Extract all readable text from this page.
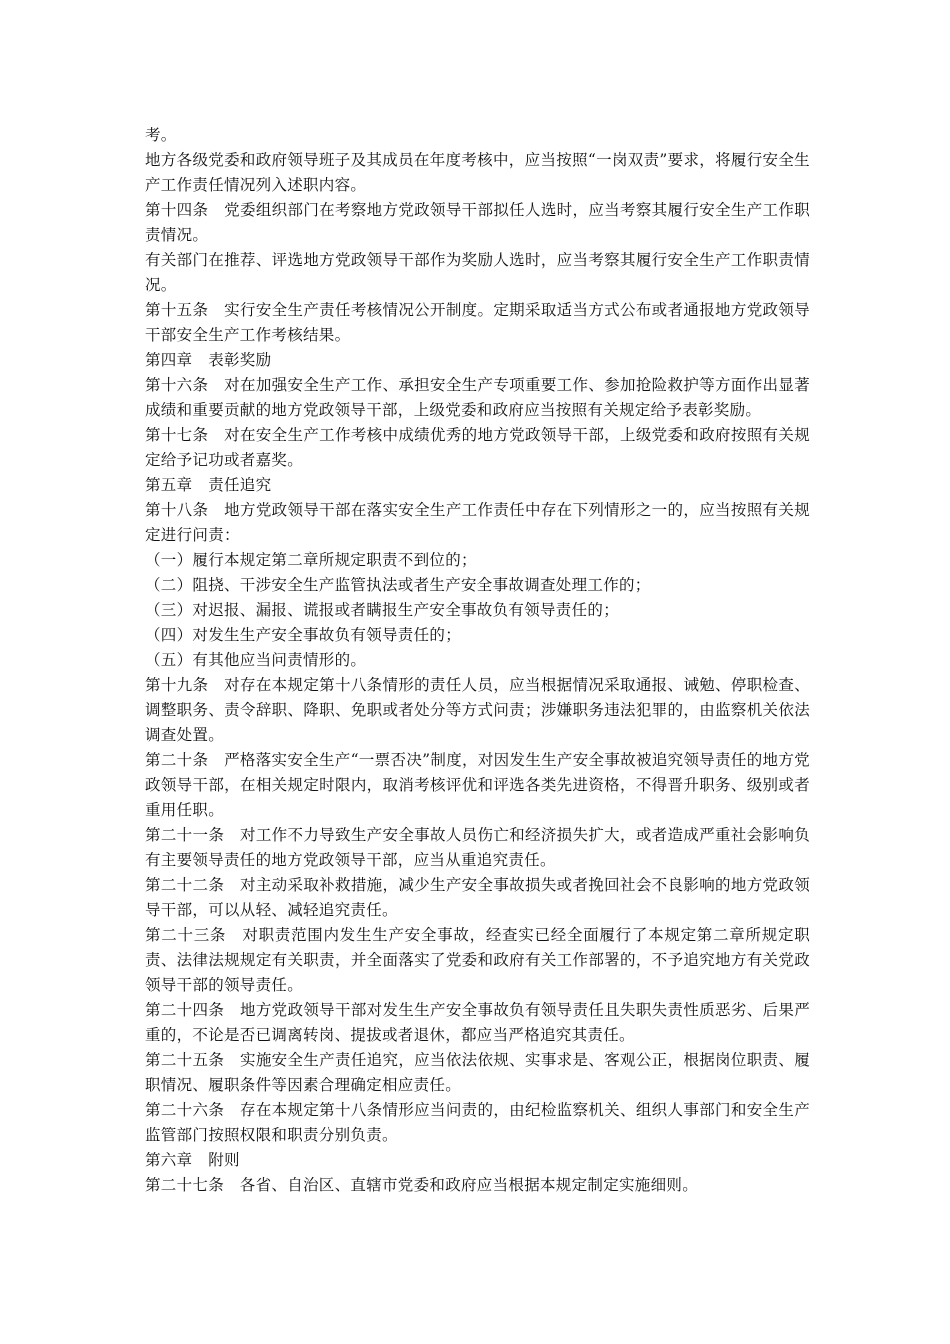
考。

地方各级党委和政府领导班子及其成员在年度考核中，应当按照“一岗双责”要求，将履行安全生产工作责任情况列入述职内容。

第十四条　党委组织部门在考察地方党政领导干部拟任人选时，应当考察其履行安全生产工作职责情况。

有关部门在推荐、评选地方党政领导干部作为奖励人选时，应当考察其履行安全生产工作职责情况。

第十五条　实行安全生产责任考核情况公开制度。定期采取适当方式公布或者通报地方党政领导干部安全生产工作考核结果。

第四章　表彰奖励

第十六条　对在加强安全生产工作、承担安全生产专项重要工作、参加抢险救护等方面作出显著成绩和重要贡献的地方党政领导干部，上级党委和政府应当按照有关规定给予表彰奖励。

第十七条　对在安全生产工作考核中成绩优秀的地方党政领导干部，上级党委和政府按照有关规定给予记功或者嘉奖。

第五章　责任追究

第十八条　地方党政领导干部在落实安全生产工作责任中存在下列情形之一的，应当按照有关规定进行问责：

（一）履行本规定第二章所规定职责不到位的；

（二）阻挠、干涉安全生产监管执法或者生产安全事故调查处理工作的；

（三）对迟报、漏报、谎报或者瞒报生产安全事故负有领导责任的；

（四）对发生生产安全事故负有领导责任的；

（五）有其他应当问责情形的。

第十九条　对存在本规定第十八条情形的责任人员，应当根据情况采取通报、诫勉、停职检查、调整职务、责令辞职、降职、免职或者处分等方式问责；涉嫌职务违法犯罪的，由监察机关依法调查处置。

第二十条　严格落实安全生产“一票否决”制度，对因发生生产安全事故被追究领导责任的地方党政领导干部，在相关规定时限内，取消考核评优和评选各类先进资格，不得晋升职务、级别或者重用任职。

第二十一条　对工作不力导致生产安全事故人员伤亡和经济损失扩大，或者造成严重社会影响负有主要领导责任的地方党政领导干部，应当从重追究责任。

第二十二条　对主动采取补救措施，减少生产安全事故损失或者挽回社会不良影响的地方党政领导干部，可以从轻、减轻追究责任。

第二十三条　对职责范围内发生生产安全事故，经查实已经全面履行了本规定第二章所规定职责、法律法规规定有关职责，并全面落实了党委和政府有关工作部署的，不予追究地方有关党政领导干部的领导责任。

第二十四条　地方党政领导干部对发生生产安全事故负有领导责任且失职失责性质恶劣、后果严重的，不论是否已调离转岗、提拔或者退休，都应当严格追究其责任。

第二十五条　实施安全生产责任追究，应当依法依规、实事求是、客观公正，根据岗位职责、履职情况、履职条件等因素合理确定相应责任。

第二十六条　存在本规定第十八条情形应当问责的，由纪检监察机关、组织人事部门和安全生产监管部门按照权限和职责分别负责。

第六章　附则

第二十七条　各省、自治区、直辖市党委和政府应当根据本规定制定实施细则。
